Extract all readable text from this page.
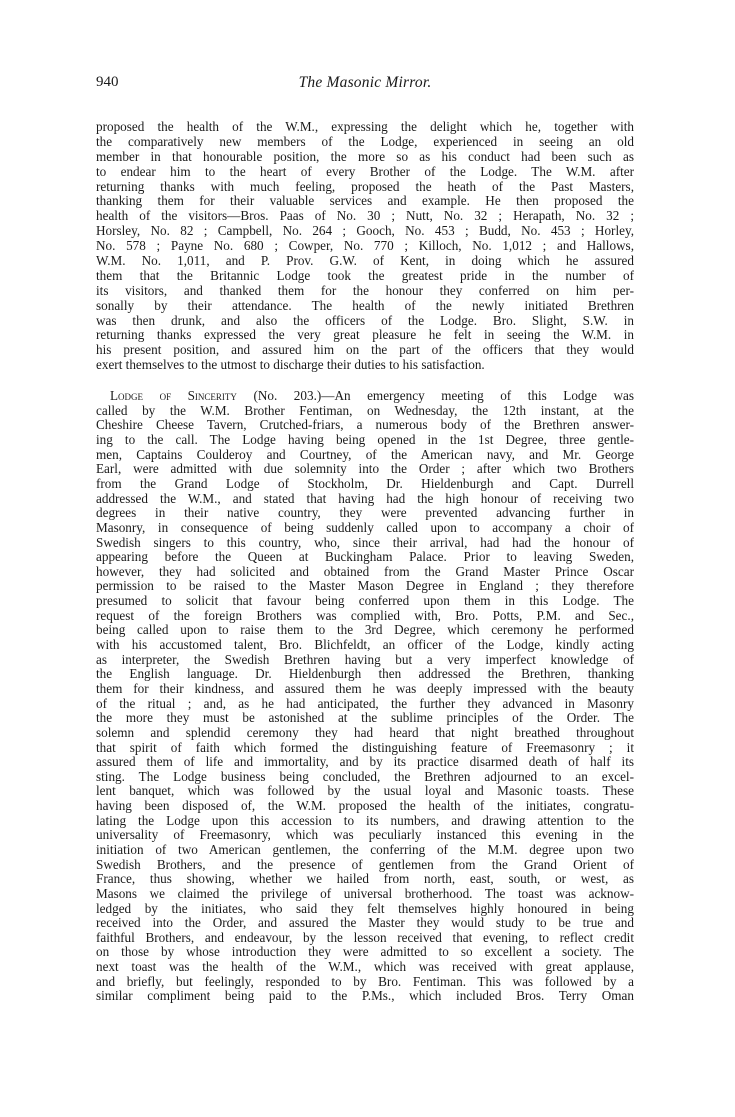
940	The Masonic Mirror.

proposed the health of the W.M., expressing the delight which he, together with
the comparatively new members of the Lodge, experienced in seeing an old
member in that honourable position, the more so as his conduct had been such as
to endear him to the heart of every Brother of the Lodge. The W.M. after
returning thanks with much feeling, proposed the heath of the Past Masters,
thanking them for their valuable services and example. He then proposed the
health of the visitors—Bros. Paas of No. 30 ; Nutt, No. 32 ; Herapath, No. 32 ;
Horsley, No. 82 ; Campbell, No. 264 ; Gooch, No. 453 ; Budd, No. 453 ; Horley,
No. 578 ; Payne No. 680 ; Cowper, No. 770 ; Killoch, No. 1,012 ; and Hallows,
W.M. No. 1,011, and P. Prov. G.W. of Kent, in doing which he assured
them that the Britannic Lodge took the greatest pride in the number of
its visitors, and thanked them for the honour they conferred on him per-
sonally by their attendance. The health of the newly initiated Brethren
was then drunk, and also the officers of the Lodge. Bro. Slight, S.W. in
returning thanks expressed the very great pleasure he felt in seeing the W.M. in
his present position, and assured him on the part of the officers that they would
exert themselves to the utmost to discharge their duties to his satisfaction.

Lodge of Sincerity (No. 203.)—An emergency meeting of this Lodge was
called by the W.M. Brother Fentiman, on Wednesday, the 12th instant, at the
Cheshire Cheese Tavern, Crutched-friars, a numerous body of the Brethren answer-
ing to the call. The Lodge having being opened in the 1st Degree, three gentle-
men, Captains Coulderoy and Courtney, of the American navy, and Mr. George
Earl, were admitted with due solemnity into the Order ; after which two Brothers
from the Grand Lodge of Stockholm, Dr. Hieldenburgh and Capt. Durrell
addressed the W.M., and stated that having had the high honour of receiving two
degrees in their native country, they were prevented advancing further in
Masonry, in consequence of being suddenly called upon to accompany a choir of
Swedish singers to this country, who, since their arrival, had had the honour of
appearing before the Queen at Buckingham Palace. Prior to leaving Sweden,
however, they had solicited and obtained from the Grand Master Prince Oscar
permission to be raised to the Master Mason Degree in England ; they therefore
presumed to solicit that favour being conferred upon them in this Lodge. The
request of the foreign Brothers was complied with, Bro. Potts, P.M. and Sec.,
being called upon to raise them to the 3rd Degree, which ceremony he performed
with his accustomed talent, Bro. Blichfeldt, an officer of the Lodge, kindly acting
as interpreter, the Swedish Brethren having but a very imperfect knowledge of
the English language. Dr. Hieldenburgh then addressed the Brethren, thanking
them for their kindness, and assured them he was deeply impressed with the beauty
of the ritual ; and, as he had anticipated, the further they advanced in Masonry
the more they must be astonished at the sublime principles of the Order. The
solemn and splendid ceremony they had heard that night breathed throughout
that spirit of faith which formed the distinguishing feature of Freemasonry ; it
assured them of life and immortality, and by its practice disarmed death of half its
sting. The Lodge business being concluded, the Brethren adjourned to an excel-
lent banquet, which was followed by the usual loyal and Masonic toasts. These
having been disposed of, the W.M. proposed the health of the initiates, congratu-
lating the Lodge upon this accession to its numbers, and drawing attention to the
universality of Freemasonry, which was peculiarly instanced this evening in the
initiation of two American gentlemen, the conferring of the M.M. degree upon two
Swedish Brothers, and the presence of gentlemen from the Grand Orient of
France, thus showing, whether we hailed from north, east, south, or west, as
Masons we claimed the privilege of universal brotherhood. The toast was acknow-
ledged by the initiates, who said they felt themselves highly honoured in being
received into the Order, and assured the Master they would study to be true and
faithful Brothers, and endeavour, by the lesson received that evening, to reflect credit
on those by whose introduction they were admitted to so excellent a society. The
next toast was the health of the W.M., which was received with great applause,
and briefly, but feelingly, responded to by Bro. Fentiman. This was followed by a
similar compliment being paid to the P.Ms., which included Bros. Terry Oman
